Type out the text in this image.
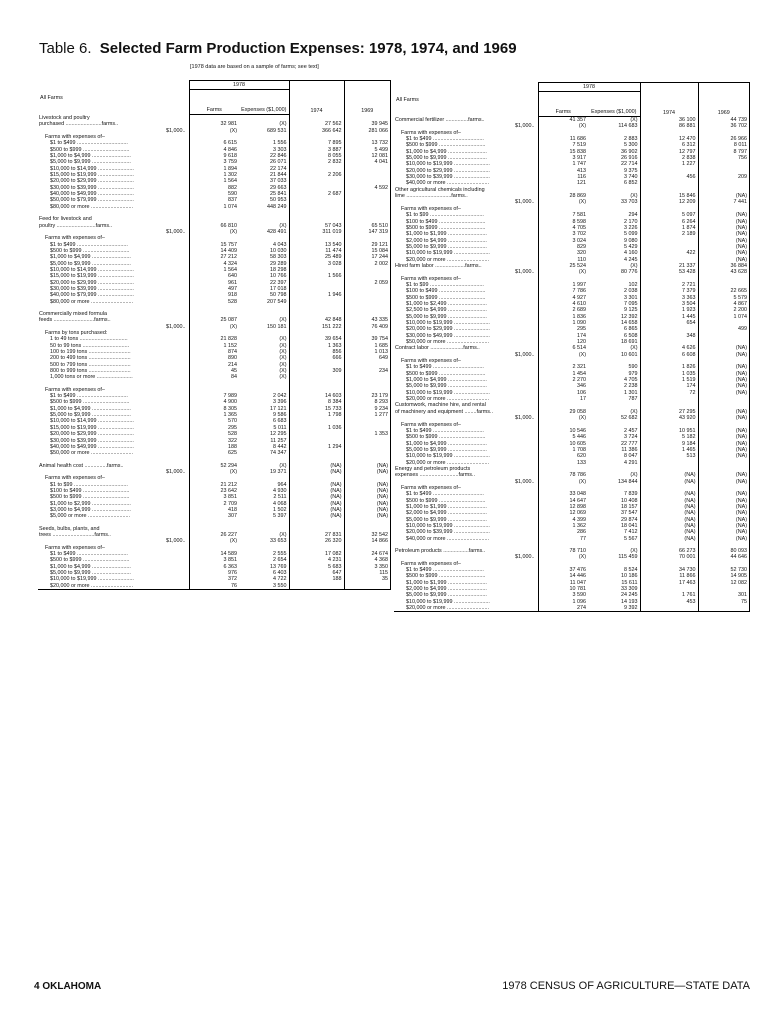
Table 6. Selected Farm Production Expenses: 1978, 1974, and 1969
[1978 data are based on a sample of farms; see text]
All Farms	1978		1974	1969
	Farms	Expenses ($1,000)		
Livestock and poultry				
purchased ........................farms..	32 981	(X)	27 562	39 945
$1,000..	(X)	689 531	366 642	281 066
Farms with expenses of–				
$1 to $499 ..................................	6 615	1 556	7 895	13 732
$500 to $999 ...............................	4 846	3 303	3 887	5 499
$1,000 to $4,999 ..........................	9 618	22 846	8 055	12 081
$5,000 to $9,999 ..........................	3 759	26 071	2 832	4 041
$10,000 to $14,999 ........................	1 894	22 174		
$15,000 to $19,999 ........................	1 302	21 844	2 206	
$20,000 to $29,999 ........................	1 564	37 033		
$30,000 to $39,999 ........................	882	29 663		4 592
$40,000 to $49,999 ........................	590	25 841	2 687	
$50,000 to $79,999 ........................	837	50 953		
$80,000 or more ............................	1 074	448 249		

Feed for livestock and				
poultry ..........................farms..	66 810	(X)	57 043	65 510
$1,000..	(X)	428 491	311 019	147 319
Farms with expenses of–				
$1 to $499 ..................................	15 757	4 043	13 540	29 121
$500 to $999 ...............................	14 409	10 030	11 474	15 084
$1,000 to $4,999 ..........................	27 212	58 303	25 489	17 244
$5,000 to $9,999 ..........................	4 324	29 289	3 028	2 002
$10,000 to $14,999 ........................	1 564	18 298		
$15,000 to $19,999 ........................	640	10 766	1 566	
$20,000 to $29,999 ........................	961	22 397		2 059
$30,000 to $39,999 ........................	497	17 018		
$40,000 to $79,999 ........................	918	50 798	1 946	
$80,000 or more ............................	528	207 549		

Commercially mixed formula				
feeds ...........................farms..	25 087	(X)	42 848	43 335
$1,000..	(X)	150 181	151 222	76 409
Farms by tons purchased:				
1 to 49 tons ................................	21 828	(X)	39 654	39 754
50 to 99 tons ...............................	1 152	(X)	1 363	1 685
100 to 199 tons ............................	874	(X)	856	1 013
200 to 499 tons ............................	890	(X)	666	649
500 to 799 tons ............................	214	(X)		
800 to 999 tons ............................	45	(X)	309	234
1,000 tons or more ........................	84	(X)		

Farms with expenses of–				
$1 to $499 ..................................	7 989	2 042	14 603	23 179
$500 to $999 ...............................	4 900	3 396	8 384	8 293
$1,000 to $4,999 ..........................	8 305	17 121	15 733	9 234
$5,000 to $9,999 ..........................	1 365	9 586	1 798	1 277
$10,000 to $14,999 ........................	570	6 683		
$15,000 to $19,999 ........................	295	5 011	1 036	
$20,000 to $29,999 ........................	528	12 295		1 353
$30,000 to $39,999 ........................	322	11 257		
$40,000 to $49,999 ........................	188	8 442	1 294	
$50,000 or more ............................	625	74 347		

Animal health cost ...............farms..	52 294	(X)	(NA)	(NA)
$1,000..	(X)	19 371	(NA)	(NA)
Farms with expenses of–				
$1 to $99 ....................................	21 212	964	(NA)	(NA)
$100 to $499 ...............................	23 642	4 930	(NA)	(NA)
$500 to $999 ...............................	3 851	2 511	(NA)	(NA)
$1,000 to $2,999 ..........................	2 709	4 068	(NA)	(NA)
$3,000 to $4,999 ..........................	418	1 502	(NA)	(NA)
$5,000 or more ............................	307	5 397	(NA)	(NA)

Seeds, bulbs, plants, and				
trees ............................farms..	26 227	(X)	27 831	32 542
$1,000..	(X)	33 653	26 320	14 866
Farms with expenses of–				
$1 to $499 ..................................	14 589	2 555	17 082	24 674
$500 to $999 ...............................	3 851	2 654	4 231	4 368
$1,000 to $4,999 ..........................	6 363	13 769	5 683	3 350
$5,000 to $9,999 ..........................	976	6 403	647	115
$10,000 to $19,999 ........................	372	4 722	188	35
$20,000 or more ............................	76	3 550		
All Farms	1978		1974	1969
	Farms	Expenses ($1,000)		
Commercial fertilizer ...............farms..	41 357	(X)	36 100	44 739
$1,000..	(X)	114 683	86 881	36 702
Farms with expenses of–				
$1 to $499 ..................................	11 686	2 883	12 470	26 966
$500 to $999 ...............................	7 519	5 300	6 312	8 011
$1,000 to $4,999 ..........................	15 838	36 902	12 797	8 797
$5,000 to $9,999 ..........................	3 917	26 916	2 838	756
$10,000 to $19,999 ........................	1 747	22 714	1 227	
$20,000 to $29,999 ........................	413	9 375		
$30,000 to $39,999 ........................	116	3 740	456	209
$40,000 or more ............................	121	6 852		
Other agricultural chemicals including				
lime ..............................farms..	28 869	(X)	15 846	(NA)
$1,000..	(X)	33 703	12 209	7 441
Farms with expenses of–				
$1 to $99 ....................................	7 581	294	5 097	(NA)
$100 to $499 ...............................	8 598	2 170	6 264	(NA)
$500 to $999 ...............................	4 705	3 226	1 874	(NA)
$1,000 to $1,999 ..........................	3 702	5 099	2 189	(NA)
$2,000 to $4,999 ..........................	3 024	9 080		(NA)
$5,000 to $9,999 ..........................	829	5 429		(NA)
$10,000 to $19,999 ........................	320	4 160	422	(NA)
$20,000 or more ............................	110	4 245		(NA)
Hired farm labor ....................farms..	25 524	(X)	21 337	36 884
$1,000..	(X)	80 776	53 428	43 628
Farms with expenses of–				
$1 to $99 ....................................	1 997	102	2 721	
$100 to $499 ...............................	7 786	2 038	7 379	22 665
$500 to $999 ...............................	4 927	3 301	3 363	5 579
$1,000 to $2,499 ..........................	4 610	7 095	3 504	4 867
$2,500 to $4,999 ..........................	2 689	9 125	1 923	2 200
$5,000 to $9,999 ..........................	1 836	12 392	1 445	1 074
$10,000 to $19,999 ........................	1 090	14 658	654	
$20,000 to $29,999 ........................	295	6 865		499
$30,000 to $49,999 ........................	174	6 508	348	
$50,000 or more ............................	120	18 691		
Contract labor ......................farms..	6 514	(X)	4 626	(NA)
$1,000..	(X)	10 601	6 608	(NA)
Farms with expenses of–				
$1 to $499 ..................................	2 321	590	1 826	(NA)
$500 to $999 ...............................	1 454	979	1 035	(NA)
$1,000 to $4,999 ..........................	2 270	4 705	1 519	(NA)
$5,000 to $9,999 ..........................	346	2 238	174	(NA)
$10,000 to $19,999 ........................	106	1 301	72	(NA)
$20,000 or more ............................	17	787		
Customwork, machine hire, and rental				
of machinery and equipment ........farms..	29 058	(X)	27 295	(NA)
$1,000..	(X)	52 682	43 920	(NA)
Farms with expenses of–				
$1 to $499 ..................................	10 546	2 457	10 951	(NA)
$500 to $999 ...............................	5 446	3 724	5 182	(NA)
$1,000 to $4,999 ..........................	10 605	22 777	9 184	(NA)
$5,000 to $9,999 ..........................	1 708	11 386	1 465	(NA)
$10,000 to $19,999 ........................	620	8 047	513	(NA)
$20,000 or more ............................	133	4 291		
Energy and petroleum products				
expenses ..........................farms..	78 786	(X)	(NA)	(NA)
$1,000..	(X)	134 844	(NA)	(NA)
Farms with expenses of–				
$1 to $499 ..................................	33 048	7 839	(NA)	(NA)
$500 to $999 ...............................	14 647	10 408	(NA)	(NA)
$1,000 to $1,999 ..........................	12 898	18 157	(NA)	(NA)
$2,000 to $4,999 ..........................	12 069	37 547	(NA)	(NA)
$5,000 to $9,999 ..........................	4 399	29 874	(NA)	(NA)
$10,000 to $19,999 ........................	1 362	18 041	(NA)	(NA)
$20,000 to $39,999 ........................	286	7 412	(NA)	(NA)
$40,000 or more ............................	77	5 567	(NA)	(NA)

Petroleum products .................farms..	78 710	(X)	66 273	80 093
$1,000..	(X)	115 459	70 001	44 646
Farms with expenses of–				
$1 to $499 ..................................	37 476	8 524	34 730	52 730
$500 to $999 ...............................	14 446	10 186	11 866	14 905
$1,000 to $1,999 ..........................	11 047	15 611	17 463	12 082
$2,000 to $4,999 ..........................	10 781	33 309		
$5,000 to $9,999 ..........................	3 590	24 245	1 761	301
$10,000 to $19,999 ........................	1 096	14 193	453	75
$20,000 or more ............................	274	9 392		
4 OKLAHOMA	1978 CENSUS OF AGRICULTURE—STATE DATA
